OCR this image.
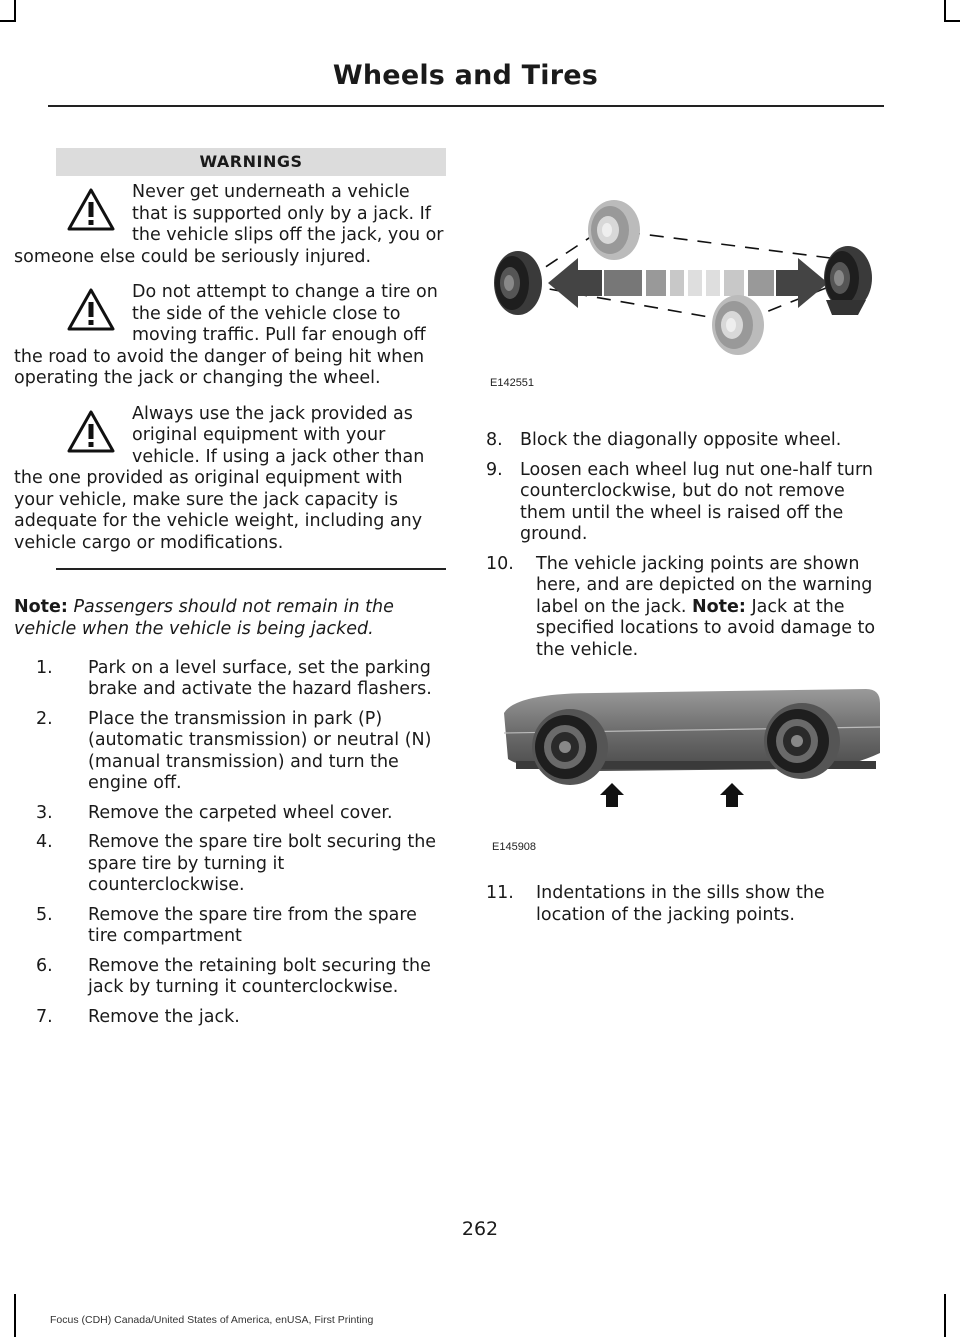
Wheels and Tires
WARNINGS
Never get underneath a vehicle that is supported only by a jack. If the vehicle slips off the jack, you or someone else could be seriously injured.
Do not attempt to change a tire on the side of the vehicle close to moving traffic. Pull far enough off the road to avoid the danger of being hit when operating the jack or changing the wheel.
Always use the jack provided as original equipment with your vehicle. If using a jack other than the one provided as original equipment with your vehicle, make sure the jack capacity is adequate for the vehicle weight, including any vehicle cargo or modifications.

Note: Passengers should not remain in the vehicle when the vehicle is being jacked.

1. Park on a level surface, set the parking brake and activate the hazard flashers.
2. Place the transmission in park (P) (automatic transmission) or neutral (N) (manual transmission) and turn the engine off.
3. Remove the carpeted wheel cover.
4. Remove the spare tire bolt securing the spare tire by turning it counterclockwise.
5. Remove the spare tire from the spare tire compartment
6. Remove the retaining bolt securing the jack by turning it counterclockwise.
7. Remove the jack.
E142551
8. Block the diagonally opposite wheel.
9. Loosen each wheel lug nut one-half turn counterclockwise, but do not remove them until the wheel is raised off the ground.
10. The vehicle jacking points are shown here, and are depicted on the warning label on the jack. Note: Jack at the specified locations to avoid damage to the vehicle.
E145908
11. Indentations in the sills show the location of the jacking points.
262
Focus (CDH) Canada/United States of America, enUSA, First Printing
